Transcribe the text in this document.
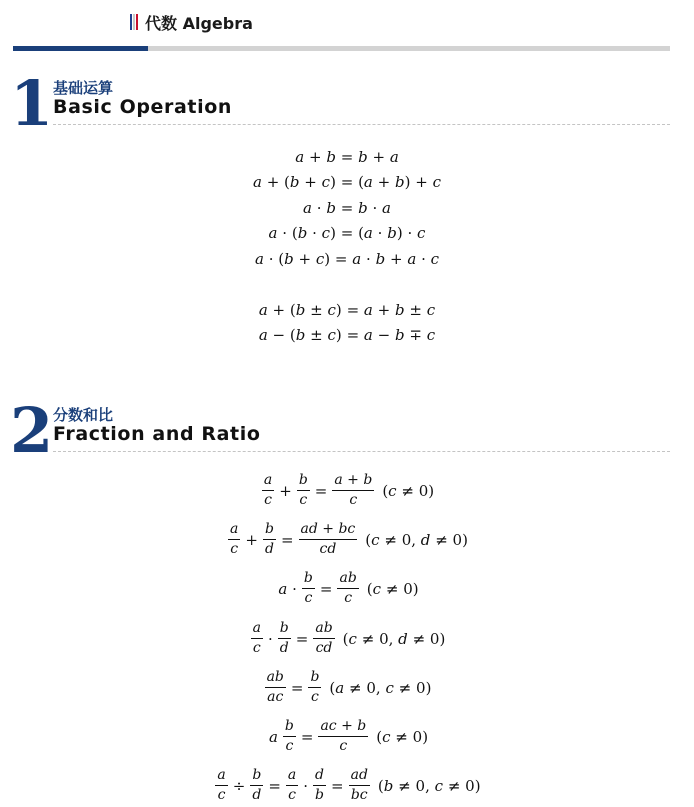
代数 Algebra
1 基础运算
Basic Operation
a + b = b + a
a + (b + c) = (a + b) + c
a · b = b · a
a · (b · c) = (a · b) · c
a · (b + c) = a · b + a · c
a + (b ± c) = a + b ± c
a − (b ± c) = a − b ∓ c
2 分数和比
Fraction and Ratio
$\frac{a}{c} + \frac{b}{c} = \frac{a + b}{c} (c \ne 0)$
$\frac{a}{c} + \frac{b}{d} = \frac{ad + bc}{cd} (c \ne 0$, d ≠ 0)
$a \cdot \frac{b}{c} = \frac{ab}{c} (c \ne 0)$
$\frac{a}{c} \cdot \frac{b}{d} = \frac{ab}{cd} (c \ne 0$, d ≠ 0)
$\frac{ab}{ac} = \frac{b}{c} (a \ne 0$, c ≠ 0)
a $\frac{b}{c} = \frac{ac + b}{c} (c \ne 0)$
$\frac{a}{c} \div \frac{b}{d} = \frac{a}{c} \cdot \frac{d}{b} = \frac{ad}{bc} (b \ne 0$, c ≠ 0)
